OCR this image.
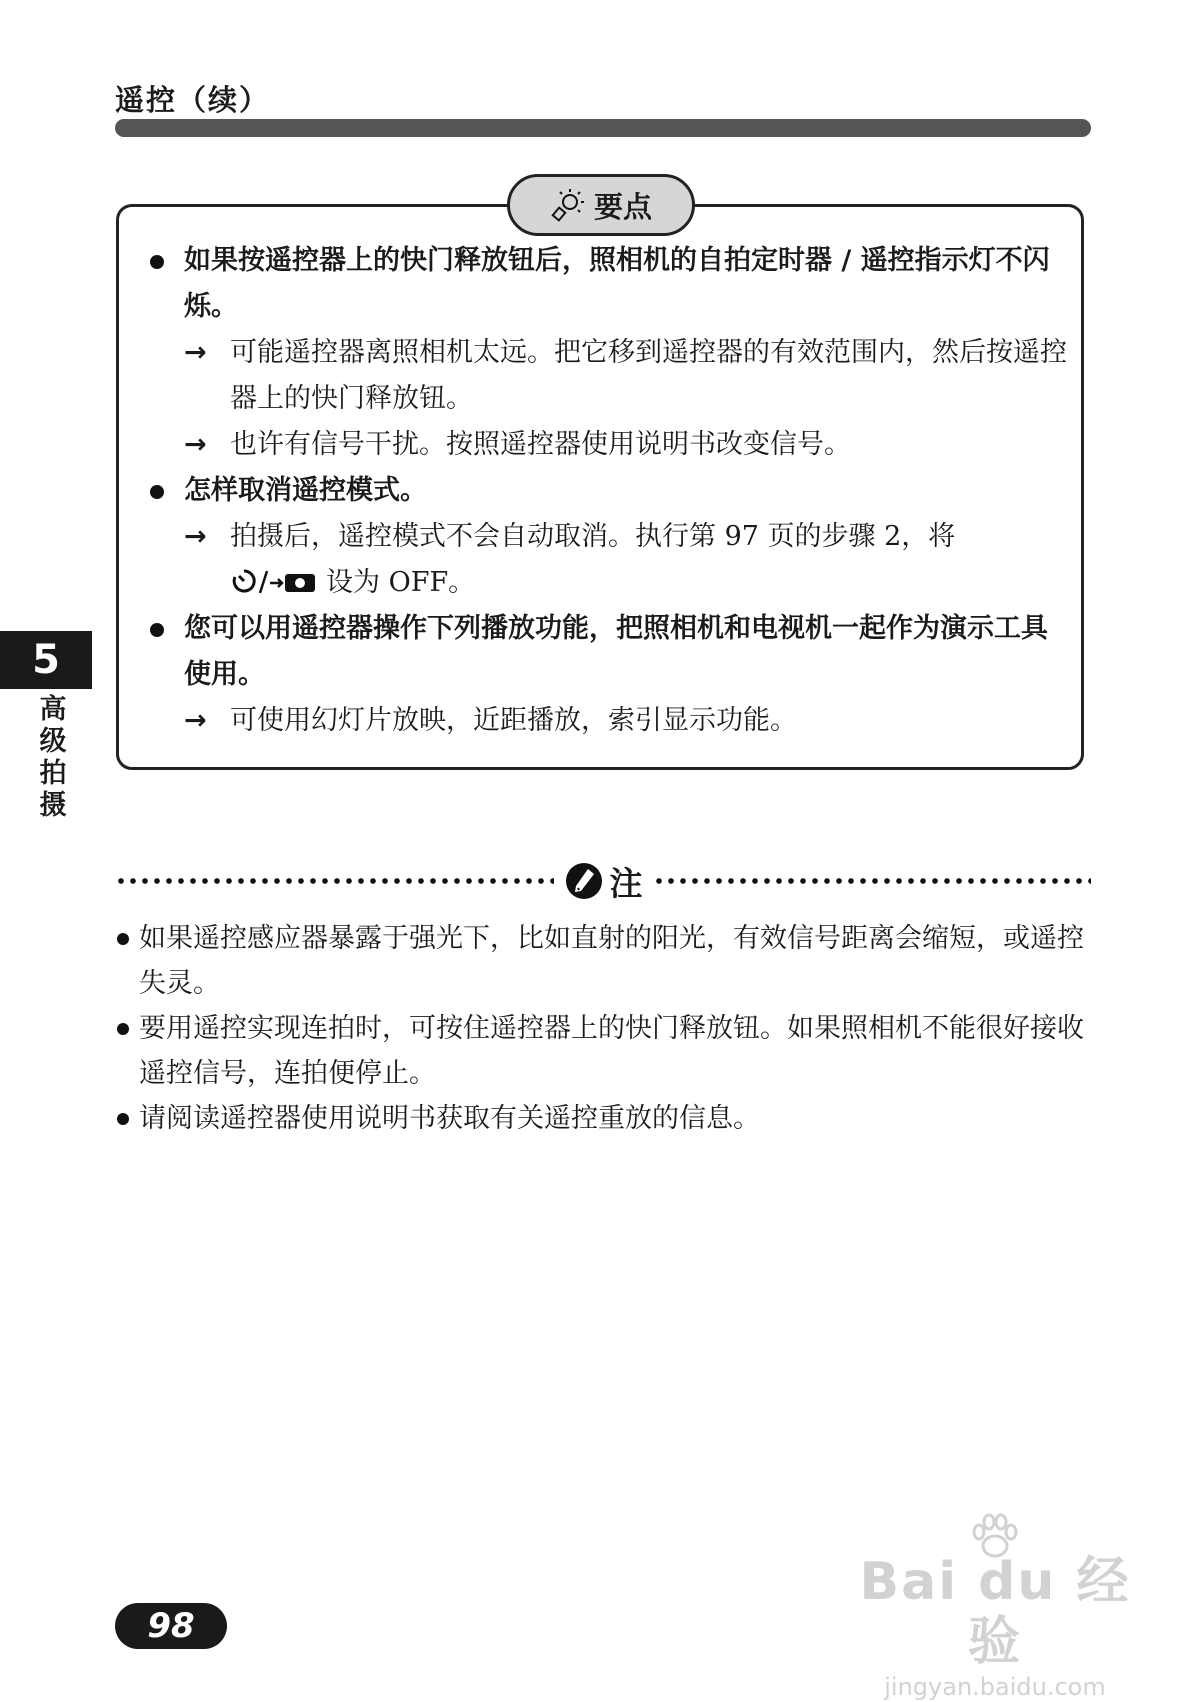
遥控（续）
要点
如果按遥控器上的快门释放钮后，照相机的自拍定时器 / 遥控指示灯不闪烁。
→ 可能遥控器离照相机太远。把它移到遥控器的有效范围内，然后按遥控器上的快门释放钮。
→ 也许有信号干扰。按照遥控器使用说明书改变信号。
怎样取消遥控模式。
→ 拍摄后，遥控模式不会自动取消。执行第 97 页的步骤 2，将
设为 OFF。
您可以用遥控器操作下列播放功能，把照相机和电视机一起作为演示工具使用。
→ 可使用幻灯片放映，近距播放，索引显示功能。
5
高级拍摄
注
如果遥控感应器暴露于强光下，比如直射的阳光，有效信号距离会缩短，或遥控失灵。
要用遥控实现连拍时，可按住遥控器上的快门释放钮。如果照相机不能很好接收遥控信号，连拍便停止。
请阅读遥控器使用说明书获取有关遥控重放的信息。
98
Bai du 经验
jingyan.baidu.com
